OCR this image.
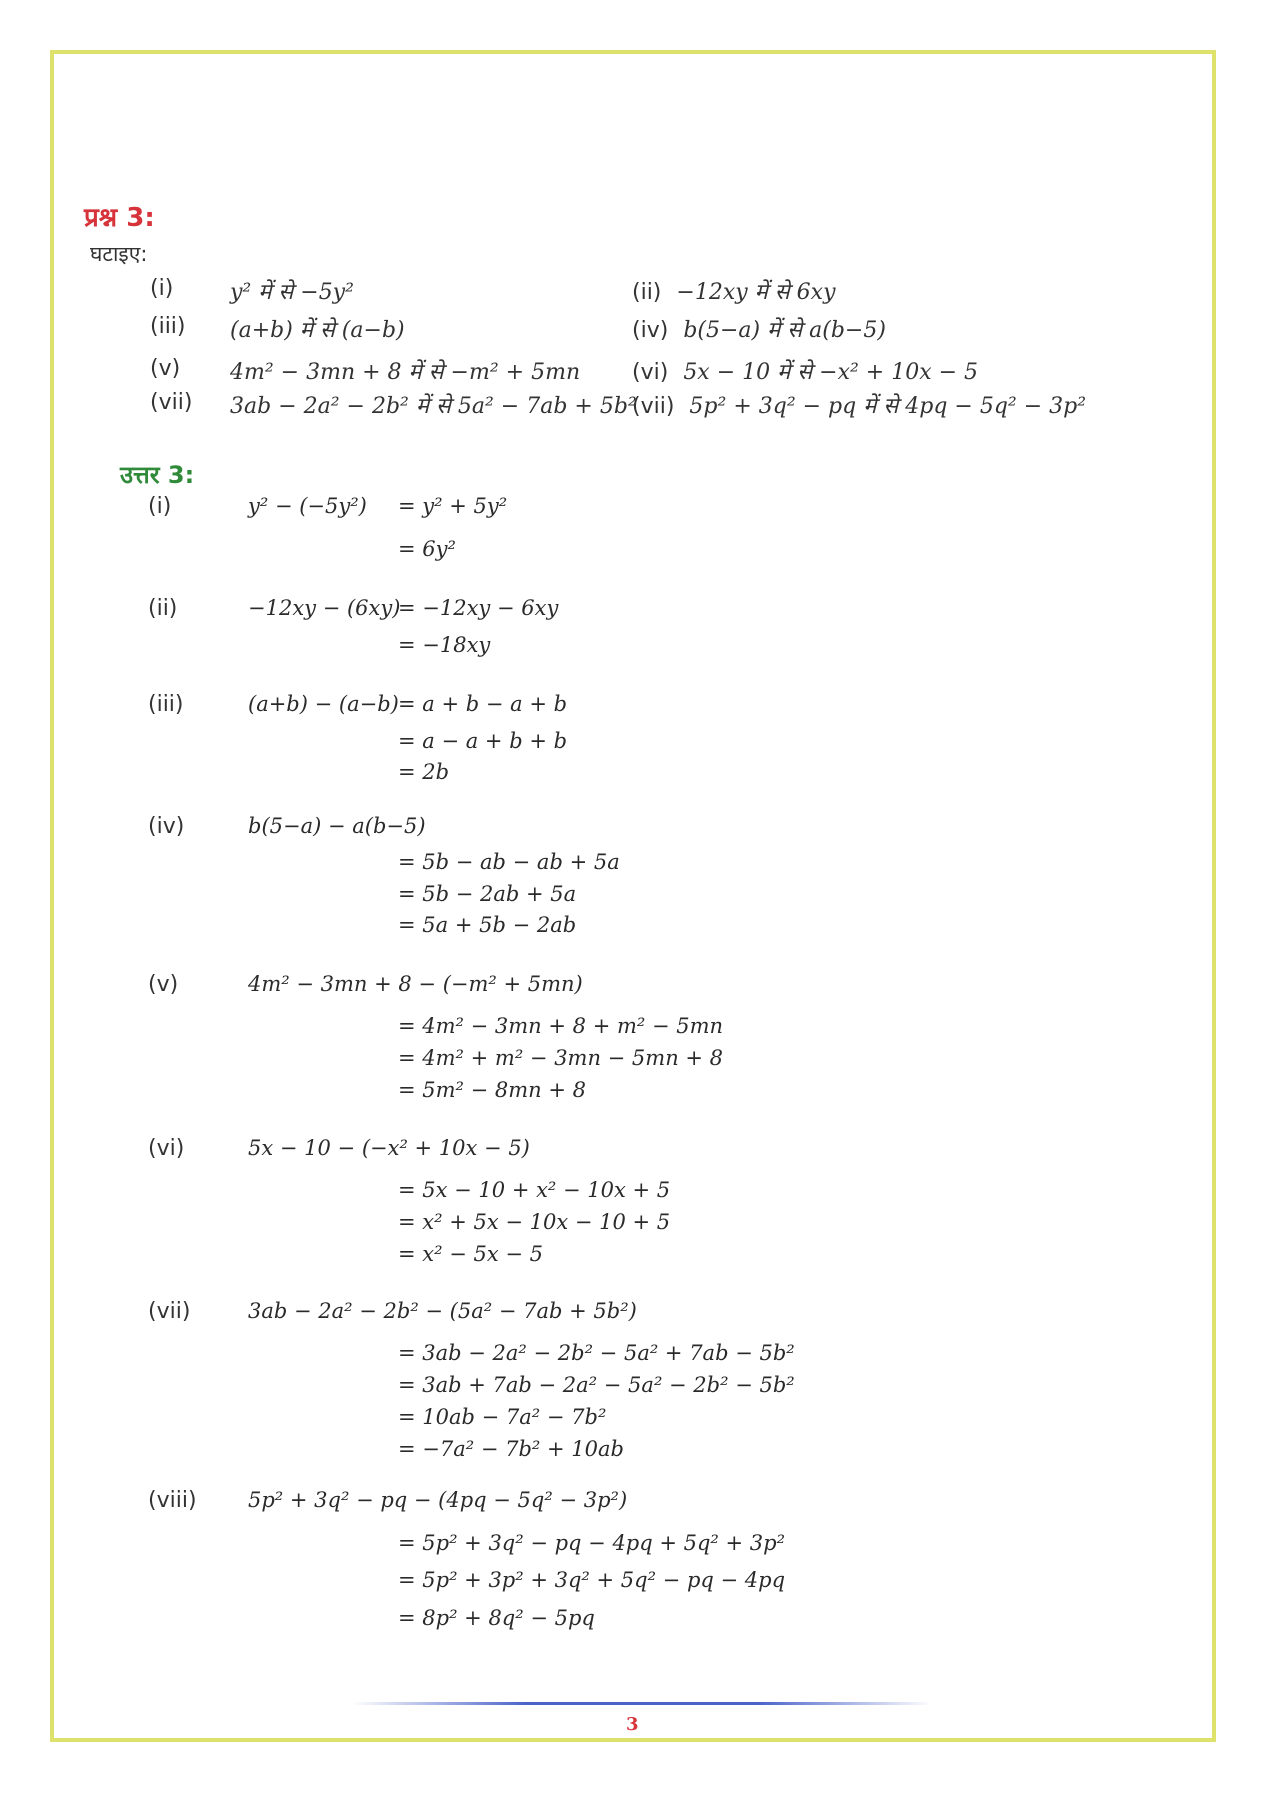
प्रश्न 3:
घटाइए:
(i)	y² में से −5y²	(ii) −12xy में से 6xy
(iii) (a+b) में से (a−b)	(iv) b(5−a) में से a(b−5)
(v) 4m² − 3mn + 8 में से −m² + 5mn (vi) 5x − 10 में से −x² + 10x − 5
(vii) 3ab − 2a² − 2b² में से 5a² − 7ab + 5b²
(vii) 5p² + 3q² − pq में से 4pq − 5q² − 3p²
उत्तर 3:
(i)	y² − (−5y²) = y² + 5y²
= 6y²
(ii)	−12xy − (6xy)
= −12xy − 6xy
= −18xy
(iii)	(a+b) − (a−b) = a + b − a + b
= a − a + b + b
= 2b
(iv)	b(5−a) − a(b−5)
= 5b − ab − ab + 5a
= 5b − 2ab + 5a
= 5a + 5b − 2ab
(v)	4m² − 3mn + 8 − (−m² + 5mn)
= 4m² − 3mn + 8 + m² − 5mn
= 4m² + m² − 3mn − 5mn + 8
= 5m² − 8mn + 8
(vi)	5x − 10 − (−x² + 10x − 5)
= 5x − 10 + x² − 10x + 5
= x² + 5x − 10x − 10 + 5
= x² − 5x − 5
(vii)	3ab − 2a² − 2b² − (5a² − 7ab + 5b²)
= 3ab − 2a² − 2b² − 5a² + 7ab − 5b²
= 3ab + 7ab − 2a² − 5a² − 2b² − 5b²
= 10ab − 7a² − 7b²
= −7a² − 7b² + 10ab
(viii) 5p² + 3q² − pq − (4pq − 5q² − 3p²)
= 5p² + 3q² − pq − 4pq + 5q² + 3p²
= 5p² + 3p² + 3q² + 5q² − pq − 4pq
= 8p² + 8q² − 5pq
3
